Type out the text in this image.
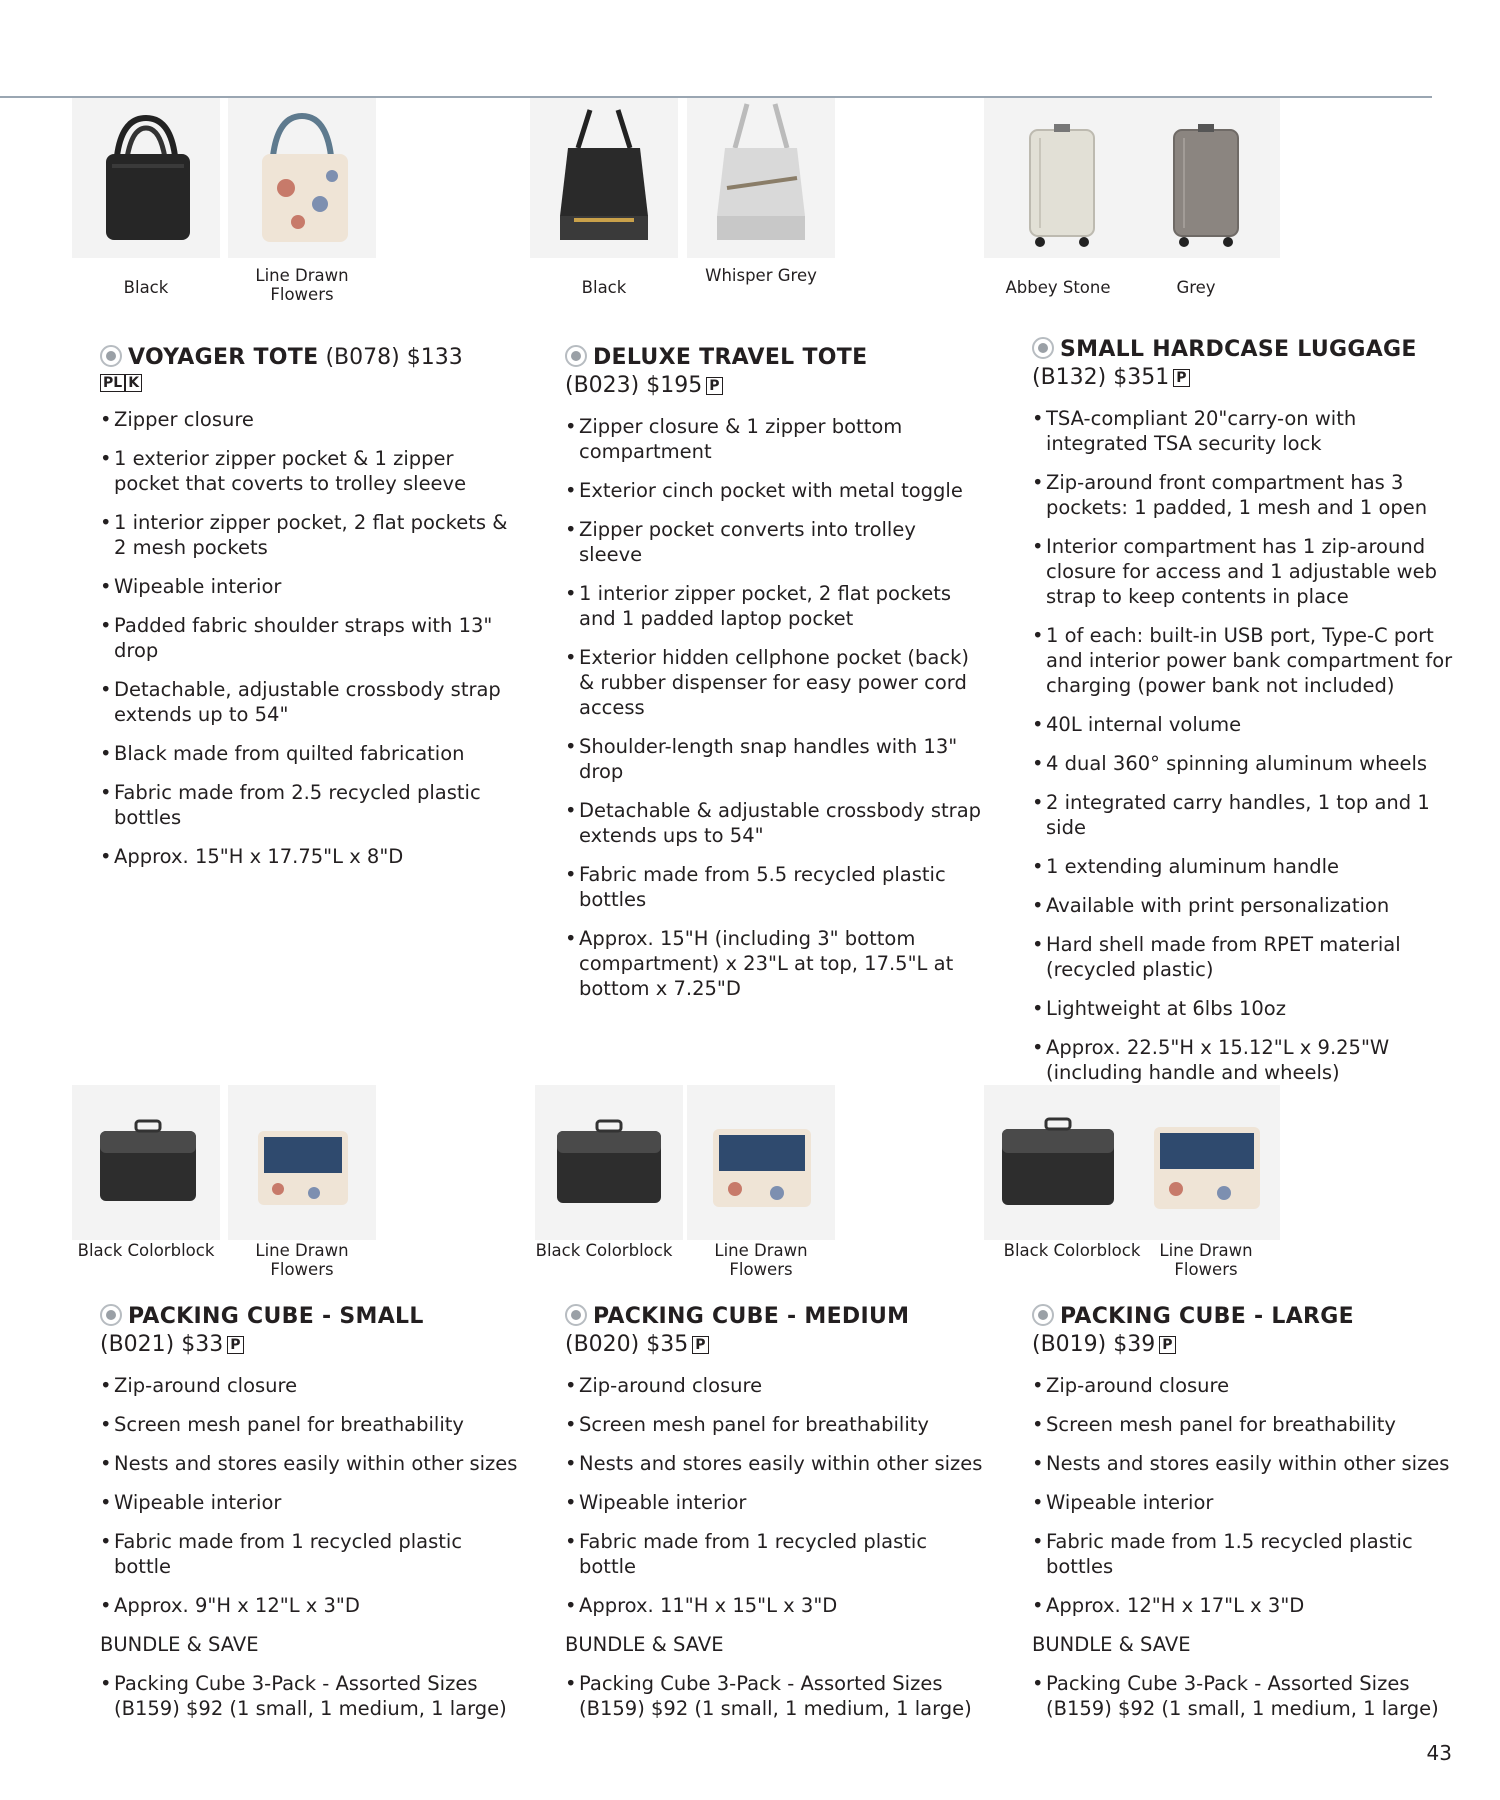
Black
Line Drawn Flowers
VOYAGER TOTE (B078) $133
PL K
• Zipper closure
• 1 exterior zipper pocket & 1 zipper pocket that coverts to trolley sleeve
• 1 interior zipper pocket, 2 flat pockets & 2 mesh pockets
• Wipeable interior
• Padded fabric shoulder straps with 13" drop
• Detachable, adjustable crossbody strap extends up to 54"
• Black made from quilted fabrication
• Fabric made from 2.5 recycled plastic bottles
• Approx. 15"H x 17.75"L x 8"D
Black
Whisper Grey
DELUXE TRAVEL TOTE
(B023) $195 P
• Zipper closure & 1 zipper bottom compartment
• Exterior cinch pocket with metal toggle
• Zipper pocket converts into trolley sleeve
• 1 interior zipper pocket, 2 flat pockets and 1 padded laptop pocket
• Exterior hidden cellphone pocket (back) & rubber dispenser for easy power cord access
• Shoulder-length snap handles with 13" drop
• Detachable & adjustable crossbody strap extends ups to 54"
• Fabric made from 5.5 recycled plastic bottles
• Approx. 15"H (including 3" bottom compartment) x 23"L at top, 17.5"L at bottom x 7.25"D
Abbey Stone	Grey
SMALL HARDCASE LUGGAGE
(B132) $351 P
• TSA-compliant 20"carry-on with integrated TSA security lock
• Zip-around front compartment has 3 pockets: 1 padded, 1 mesh and 1 open
• Interior compartment has 1 zip-around closure for access and 1 adjustable web strap to keep contents in place
• 1 of each: built-in USB port, Type-C port and interior power bank compartment for charging (power bank not included)
• 40L internal volume
• 4 dual 360° spinning aluminum wheels
• 2 integrated carry handles, 1 top and 1 side
• 1 extending aluminum handle
• Available with print personalization
• Hard shell made from RPET material (recycled plastic)
• Lightweight at 6lbs 10oz
• Approx. 22.5"H x 15.12"L x 9.25"W (including handle and wheels)
Black Colorblock	Line Drawn Flowers
PACKING CUBE - SMALL
(B021) $33 P
• Zip-around closure
• Screen mesh panel for breathability
• Nests and stores easily within other sizes
• Wipeable interior
• Fabric made from 1 recycled plastic bottle
• Approx. 9"H x 12"L x 3"D
BUNDLE & SAVE
• Packing Cube 3-Pack - Assorted Sizes (B159) $92 (1 small, 1 medium, 1 large)
Black Colorblock	Line Drawn Flowers
PACKING CUBE - MEDIUM
(B020) $35 P
• Zip-around closure
• Screen mesh panel for breathability
• Nests and stores easily within other sizes
• Wipeable interior
• Fabric made from 1 recycled plastic bottle
• Approx. 11"H x 15"L x 3"D
BUNDLE & SAVE
• Packing Cube 3-Pack - Assorted Sizes (B159) $92 (1 small, 1 medium, 1 large)
Black Colorblock	Line Drawn Flowers
PACKING CUBE - LARGE
(B019) $39 P
• Zip-around closure
• Screen mesh panel for breathability
• Nests and stores easily within other sizes
• Wipeable interior
• Fabric made from 1.5 recycled plastic bottles
• Approx. 12"H x 17"L x 3"D
BUNDLE & SAVE
• Packing Cube 3-Pack - Assorted Sizes (B159) $92 (1 small, 1 medium, 1 large)
43
